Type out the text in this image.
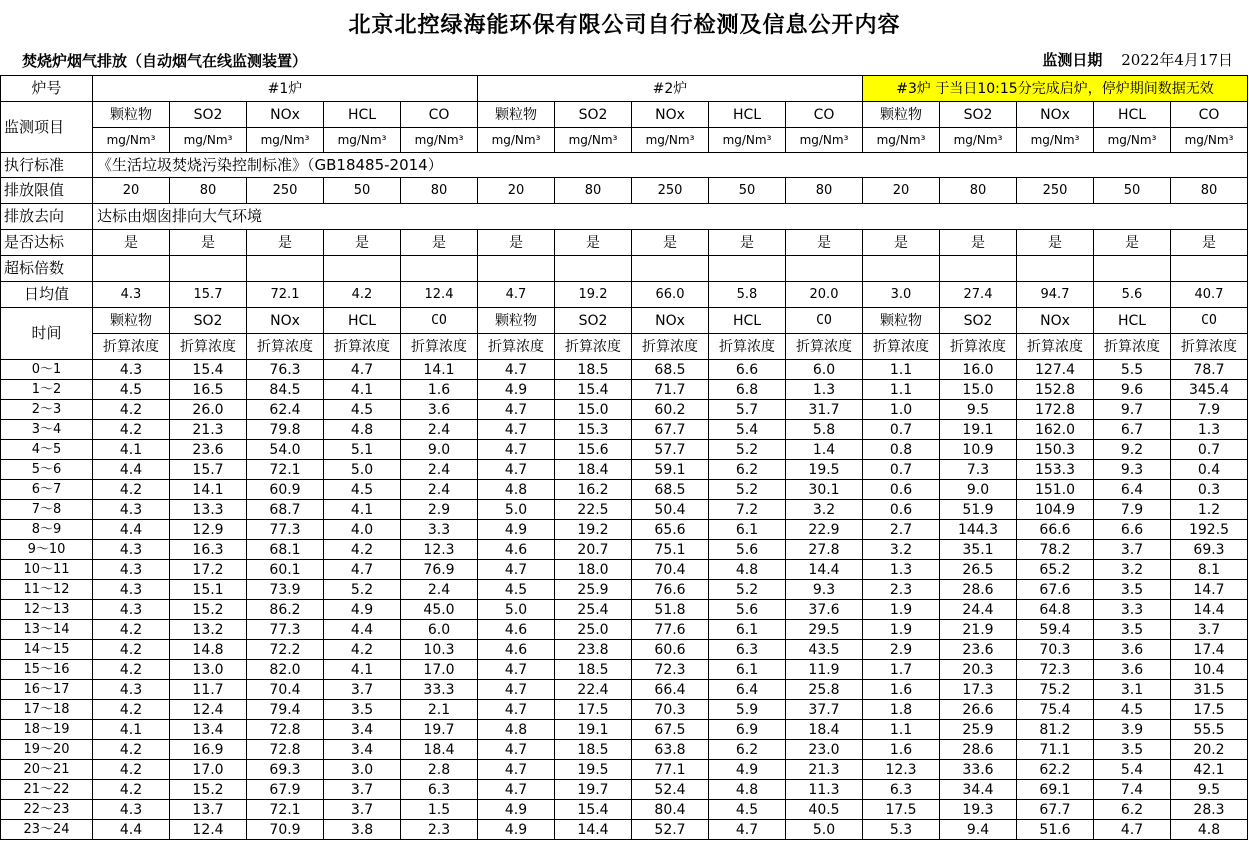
北京北控绿海能环保有限公司自行检测及信息公开内容
焚烧炉烟气排放（自动烟气在线监测装置）	监测日期 2022年4月17日
炉号	#1炉					#2炉					#3炉 于当日10:15分完成启炉，停炉期间数据无效				
监测项目	颗粒物	SO2	NOx	HCL	CO	颗粒物	SO2	NOx	HCL	CO	颗粒物	SO2	NOx	HCL	CO
	mg/Nm³	mg/Nm³	mg/Nm³	mg/Nm³	mg/Nm³	mg/Nm³	mg/Nm³	mg/Nm³	mg/Nm³	mg/Nm³	mg/Nm³	mg/Nm³	mg/Nm³	mg/Nm³	mg/Nm³
执行标准	《生活垃圾焚烧污染控制标准》（GB18485-2014）														
排放限值	20	80	250	50	80	20	80	250	50	80	20	80	250	50	80
排放去向	达标由烟囱排向大气环境														
是否达标	是	是	是	是	是	是	是	是	是	是	是	是	是	是	是
超标倍数															
日均值	4.3	15.7	72.1	4.2	12.4	4.7	19.2	66.0	5.8	20.0	3.0	27.4	94.7	5.6	40.7
时间	颗粒物	SO2	NOx	HCL	CO	颗粒物	SO2	NOx	HCL	CO	颗粒物	SO2	NOx	HCL	CO
	折算浓度	折算浓度	折算浓度	折算浓度	折算浓度	折算浓度	折算浓度	折算浓度	折算浓度	折算浓度	折算浓度	折算浓度	折算浓度	折算浓度	折算浓度
0～1	4.3	15.4	76.3	4.7	14.1	4.7	18.5	68.5	6.6	6.0	1.1	16.0	127.4	5.5	78.7
1～2	4.5	16.5	84.5	4.1	1.6	4.9	15.4	71.7	6.8	1.3	1.1	15.0	152.8	9.6	345.4
2～3	4.2	26.0	62.4	4.5	3.6	4.7	15.0	60.2	5.7	31.7	1.0	9.5	172.8	9.7	7.9
3～4	4.2	21.3	79.8	4.8	2.4	4.7	15.3	67.7	5.4	5.8	0.7	19.1	162.0	6.7	1.3
4～5	4.1	23.6	54.0	5.1	9.0	4.7	15.6	57.7	5.2	1.4	0.8	10.9	150.3	9.2	0.7
5～6	4.4	15.7	72.1	5.0	2.4	4.7	18.4	59.1	6.2	19.5	0.7	7.3	153.3	9.3	0.4
6～7	4.2	14.1	60.9	4.5	2.4	4.8	16.2	68.5	5.2	30.1	0.6	9.0	151.0	6.4	0.3
7～8	4.3	13.3	68.7	4.1	2.9	5.0	22.5	50.4	7.2	3.2	0.6	51.9	104.9	7.9	1.2
8～9	4.4	12.9	77.3	4.0	3.3	4.9	19.2	65.6	6.1	22.9	2.7	144.3	66.6	6.6	192.5
9～10	4.3	16.3	68.1	4.2	12.3	4.6	20.7	75.1	5.6	27.8	3.2	35.1	78.2	3.7	69.3
10～11	4.3	17.2	60.1	4.7	76.9	4.7	18.0	70.4	4.8	14.4	1.3	26.5	65.2	3.2	8.1
11～12	4.3	15.1	73.9	5.2	2.4	4.5	25.9	76.6	5.2	9.3	2.3	28.6	67.6	3.5	14.7
12～13	4.3	15.2	86.2	4.9	45.0	5.0	25.4	51.8	5.6	37.6	1.9	24.4	64.8	3.3	14.4
13～14	4.2	13.2	77.3	4.4	6.0	4.6	25.0	77.6	6.1	29.5	1.9	21.9	59.4	3.5	3.7
14～15	4.2	14.8	72.2	4.2	10.3	4.6	23.8	60.6	6.3	43.5	2.9	23.6	70.3	3.6	17.4
15～16	4.2	13.0	82.0	4.1	17.0	4.7	18.5	72.3	6.1	11.9	1.7	20.3	72.3	3.6	10.4
16～17	4.3	11.7	70.4	3.7	33.3	4.7	22.4	66.4	6.4	25.8	1.6	17.3	75.2	3.1	31.5
17～18	4.2	12.4	79.4	3.5	2.1	4.7	17.5	70.3	5.9	37.7	1.8	26.6	75.4	4.5	17.5
18～19	4.1	13.4	72.8	3.4	19.7	4.8	19.1	67.5	6.9	18.4	1.1	25.9	81.2	3.9	55.5
19～20	4.2	16.9	72.8	3.4	18.4	4.7	18.5	63.8	6.2	23.0	1.6	28.6	71.1	3.5	20.2
20～21	4.2	17.0	69.3	3.0	2.8	4.7	19.5	77.1	4.9	21.3	12.3	33.6	62.2	5.4	42.1
21～22	4.2	15.2	67.9	3.7	6.3	4.7	19.7	52.4	4.8	11.3	6.3	34.4	69.1	7.4	9.5
22～23	4.3	13.7	72.1	3.7	1.5	4.9	15.4	80.4	4.5	40.5	17.5	19.3	67.7	6.2	28.3
23～24	4.4	12.4	70.9	3.8	2.3	4.9	14.4	52.7	4.7	5.0	5.3	9.4	51.6	4.7	4.8
